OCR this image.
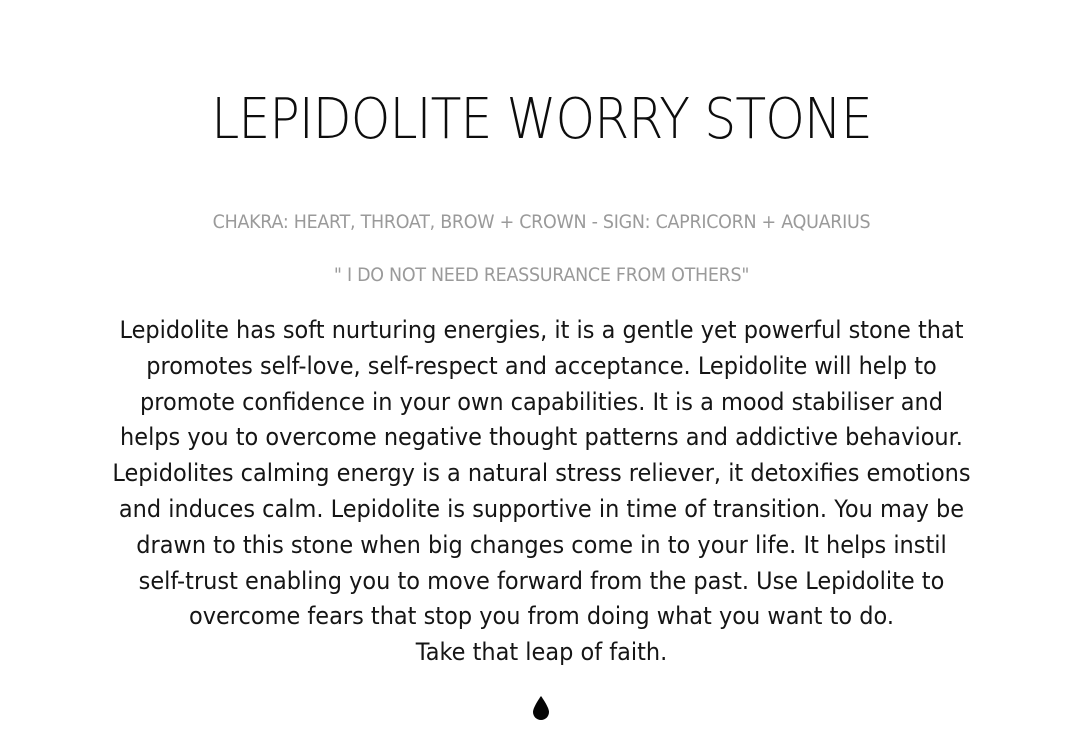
LEPIDOLITE WORRY STONE
CHAKRA: HEART, THROAT, BROW + CROWN - SIGN: CAPRICORN + AQUARIUS
" I DO NOT NEED REASSURANCE FROM OTHERS"
Lepidolite has soft nurturing energies, it is a gentle yet powerful stone that
promotes self-love, self-respect and acceptance. Lepidolite will help to
promote confidence in your own capabilities. It is a mood stabiliser and
helps you to overcome negative thought patterns and addictive behaviour.
Lepidolites calming energy is a natural stress reliever, it detoxifies emotions
and induces calm. Lepidolite is supportive in time of transition. You may be
drawn to this stone when big changes come in to your life. It helps instil
self-trust enabling you to move forward from the past. Use Lepidolite to
overcome fears that stop you from doing what you want to do.
Take that leap of faith.
